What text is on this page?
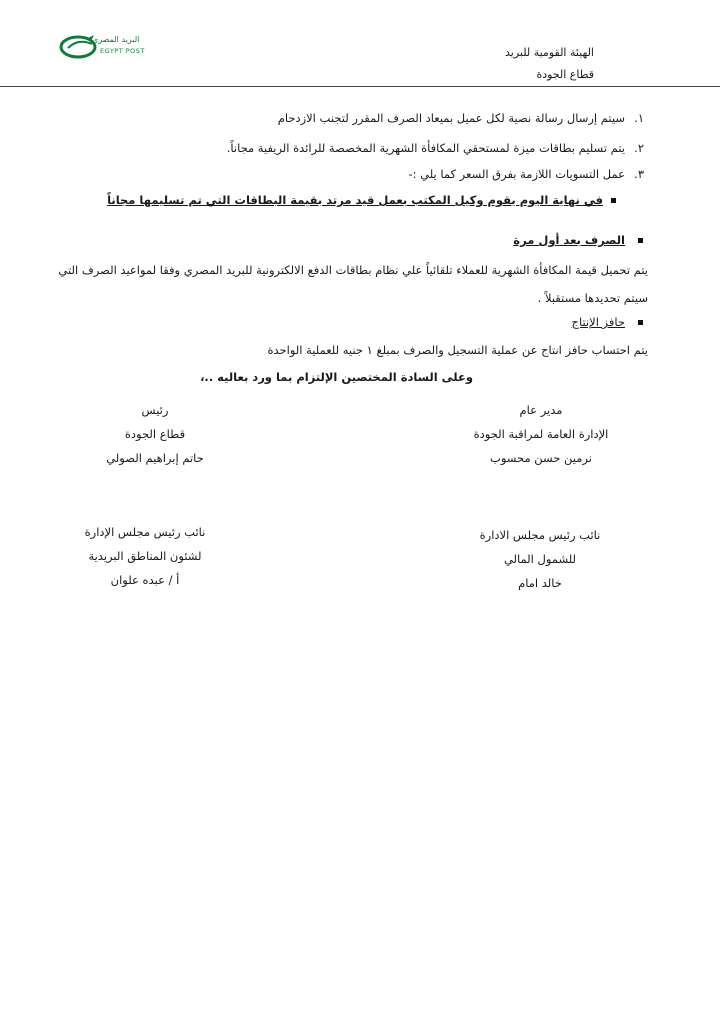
الهيئة القومية للبريد
قطاع الجودة
البريد المصري
EGYPT POST
١.
سيتم إرسال رسالة نصية لكل عميل بميعاد الصرف المقرر لتجنب الازدحام
٢.
يتم تسليم بطاقات ميزة لمستحقي المكافأة الشهرية المخصصة للرائدة الريفية مجاناً.
٣.
عمل التسويات اللازمة بفرق السعر كما يلي :-
في نهاية اليوم يقوم وكيل المكتب بعمل قيد مرتد بقيمة البطاقات التي تم تسليمها مجاناً
الصرف بعد أول مرة
يتم تحميل قيمة المكافأة الشهرية للعملاء تلقائياً علي نظام بطاقات الدفع الالكترونية للبريد المصري وفقا لمواعيد الصرف التي
سيتم تحديدها مستقبلاً .
حافز الإنتاج
يتم احتساب حافز انتاج عن عملية التسجيل والصرف بمبلغ ١ جنيه للعملية الواحدة
وعلى السادة المختصين الإلتزام بما ورد بعاليه ..،
مدير عام
الإدارة العامة لمراقبة الجودة
نرمين حسن محسوب
رئيس
قطاع الجودة
حاتم إبراهيم الصولي
نائب رئيس مجلس الادارة
للشمول المالي
خالد امام
نائب رئيس مجلس الإدارة
لشئون المناطق البريدية
أ / عبده علوان
